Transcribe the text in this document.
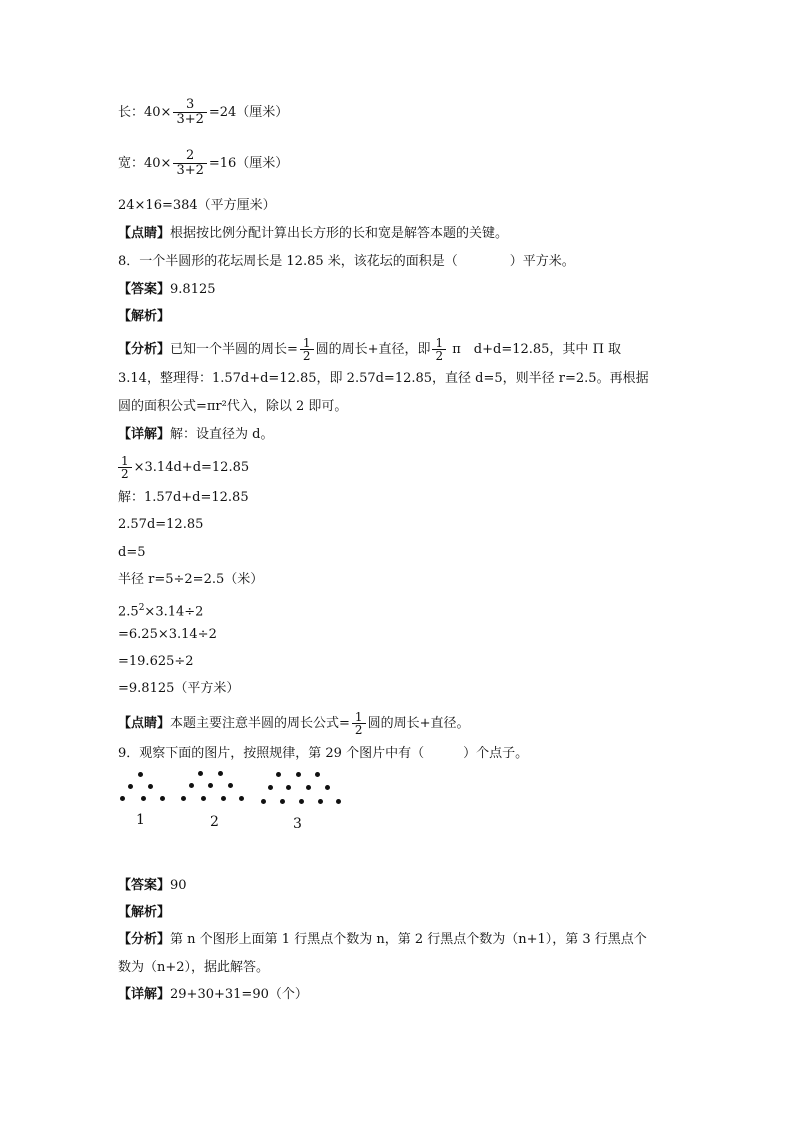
长：$40\times \frac{3}{3+2} =24$（厘米）
宽：$40\times \frac{2}{3+2} =16$（厘米）
24×16=384（平方厘米）
【点睛】根据按比例分配计算出长方形的长和宽是解答本题的关键。
8．一个半圆形的花坛周长是 12.85 米，该花坛的面积是（　　　　）平方米。
【答案】9.8125
【解析】
【分析】已知一个半圆的周长= $\frac{1}{2}$ 圆的周长+直径，即 $\frac{1}{2}$ π　d+d=12.85，其中 Π 取
3.14，整理得：1.57d+d=12.85，即 2.57d=12.85，直径 d=5，则半径 r=2.5。再根据
圆的面积公式=πr²代入，除以 2 即可。
【详解】解：设直径为 d。
$\frac{1}{2} \times 3.14d+d=12.85$
解：1.57d+d=12.85
2.57d=12.85
d=5
半径 r=5÷2=2.5（米）
$2.5^2\times 3.14\div 2$
=6.25×3.14÷2
=19.625÷2
=9.8125（平方米）
【点睛】本题主要注意半圆的周长公式= $\frac{1}{2}$ 圆的周长+直径。
9．观察下面的图片，按照规律，第 29 个图片中有（　　　）个点子。
1	2	3
【答案】90
【解析】
【分析】第 n 个图形上面第 1 行黑点个数为 n，第 2 行黑点个数为（n+1），第 3 行黑点个
数为（n+2），据此解答。
【详解】29+30+31=90（个）
